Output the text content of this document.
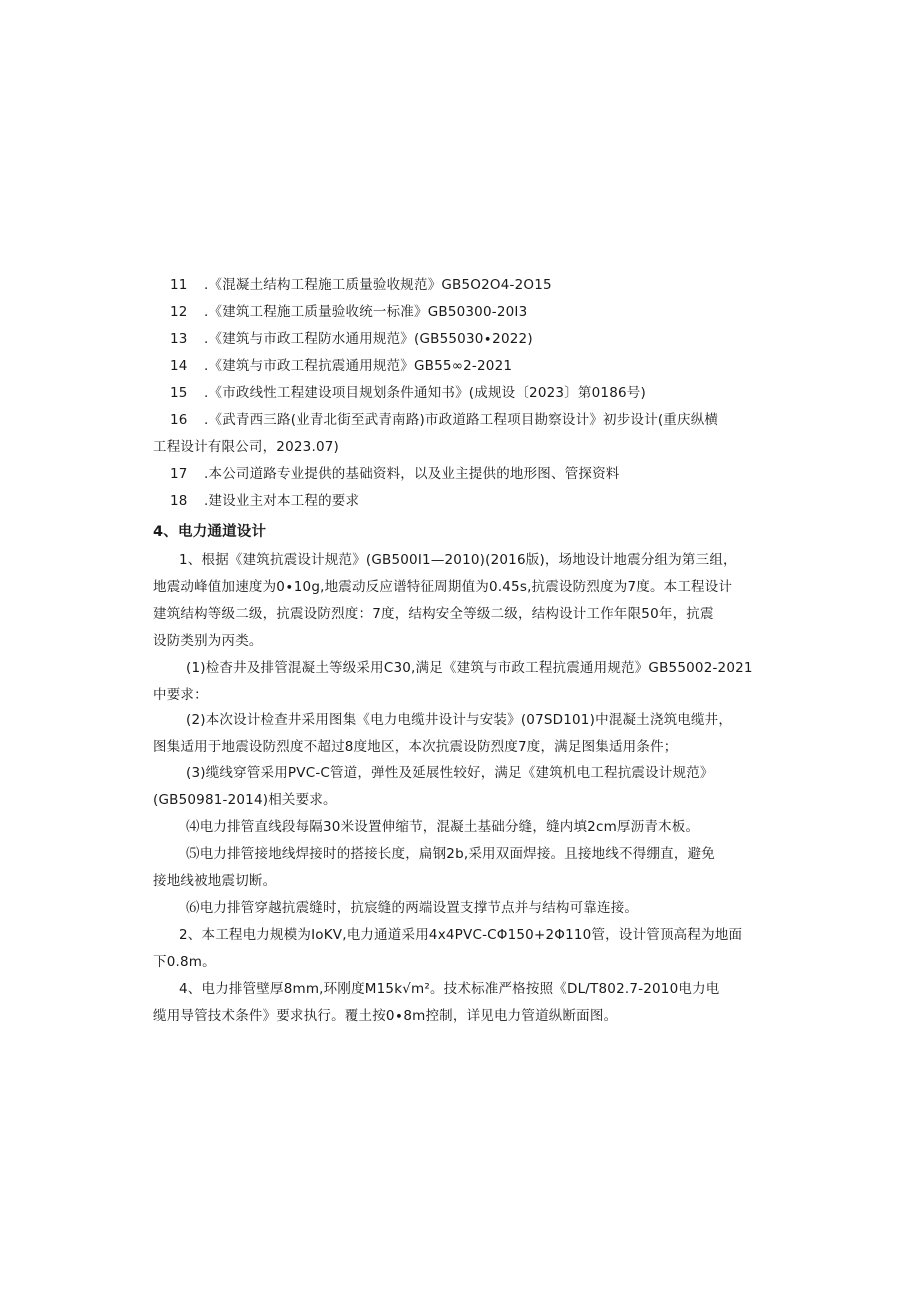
11 .《混凝土结构工程施工质量验收规范》GB5O2O4-2O15
12 .《建筑工程施工质量验收统一标准》GB50300-20I3
13 .《建筑与市政工程防水通用规范》(GB55030∙2022)
14 .《建筑与市政工程抗震通用规范》GB55∞2-2021
15 .《市政线性工程建设项目规划条件通知书》(成规设〔2023〕第0186号)
16 .《武青西三路(业青北街至武青南路)市政道路工程项目勘察设计》初步设计(重庆纵横
工程设计有限公司，2023.07)
17 .本公司道路专业提供的基础资料，以及业主提供的地形图、管探资料
18 .建设业主对本工程的要求
4、电力通道设计
1、根据《建筑抗震设计规范》(GB500I1—2010)(2016版)，场地设计地震分组为第三组，
地震动峰值加速度为0∙10g,地震动反应谱特征周期值为0.45s,抗震设防烈度为7度。本工程设计
建筑结构等级二级，抗震设防烈度：7度，结构安全等级二级，结构设计工作年限50年，抗震
设防类别为丙类。
(1)检杳井及排管混凝土等级采用C30,满足《建筑与市政工程抗震通用规范》GB55002-2021
中要求：
(2)本次设计检查井采用图集《电力电缆井设计与安装》(07SD101)中混凝土浇筑电缆井，
图集适用于地震设防烈度不超过8度地区，本次抗震设防烈度7度，满足图集适用条件；
(3)缆线穿管采用PVC-C管道，弹性及延展性较好，满足《建筑机电工程抗震设计规范》
(GB50981-2014)相关要求。
⑷电力排管直线段每隔30米设置伸缩节，混凝土基础分缝，缝内填2cm厚沥青木板。
⑸电力排管接地线焊接时的搭接长度，扁钢2b,采用双面焊接。且接地线不得绷直，避免
接地线被地震切断。
⑹电力排管穿越抗震缝时，抗宸缝的两端设置支撑节点并与结构可靠连接。
2、本工程电力规模为IoKV,电力通道采用4x4PVC-CΦ150+2Φ110管，设计管顶高程为地面
下0.8m。
4、电力排管壁厚8mm,环刚度M15k√m²。技术标准严格按照《DL/T802.7-2010电力电
缆用导管技术条件》要求执行。覆土按0∙8m控制，详见电力管道纵断面图。
